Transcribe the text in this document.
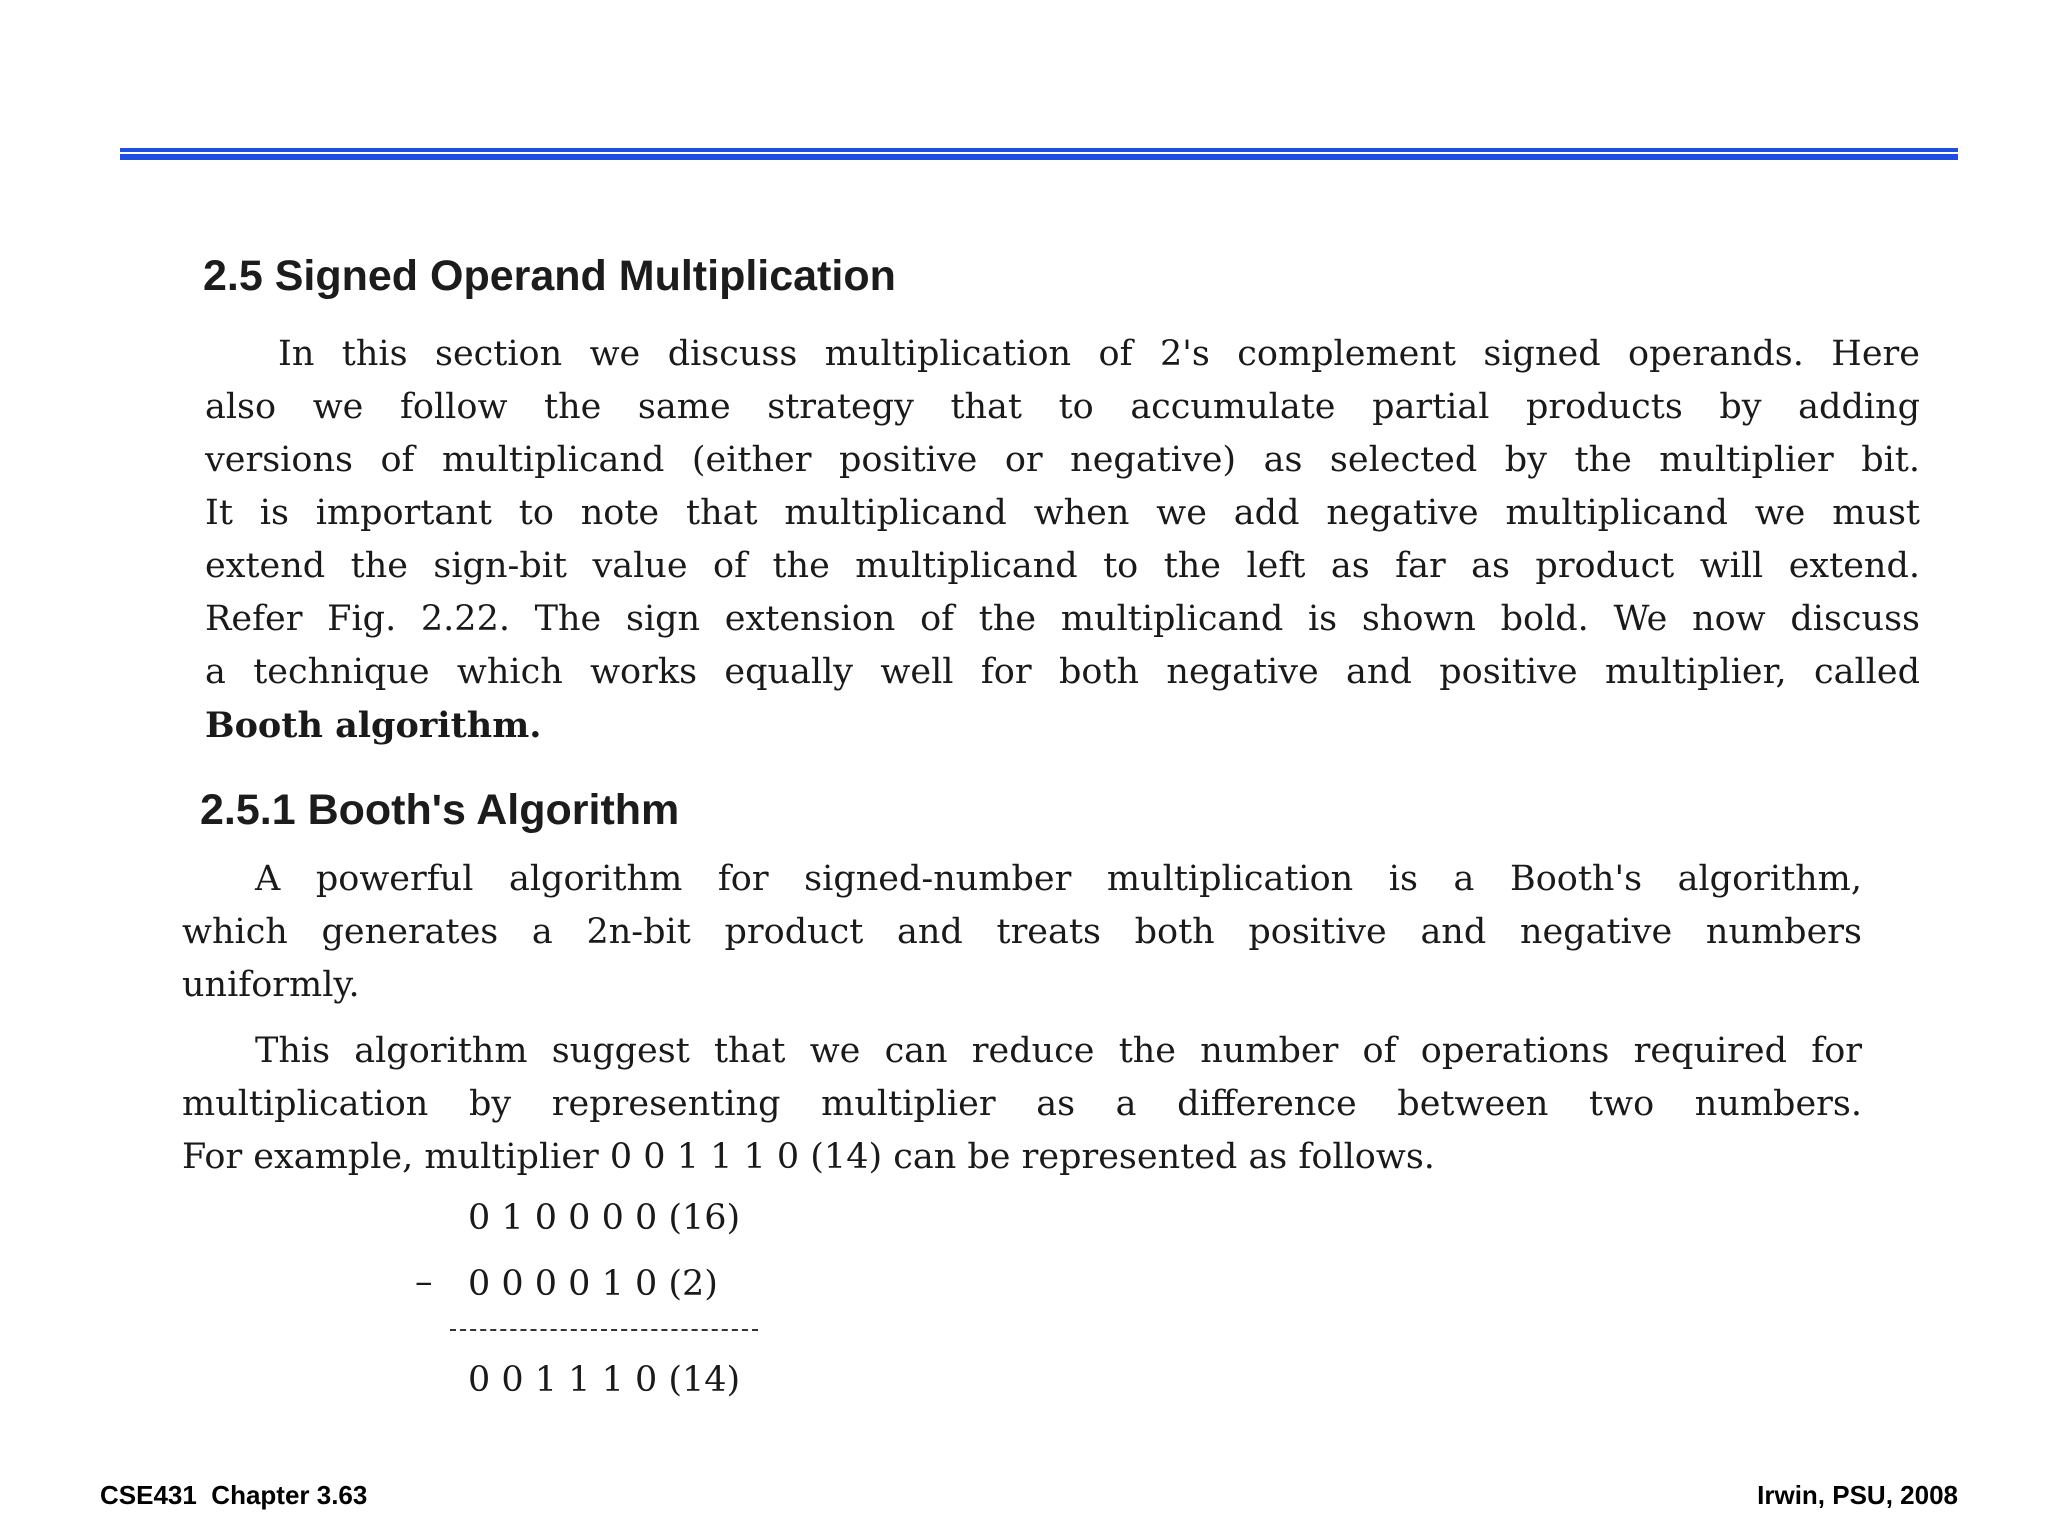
2.5 Signed Operand Multiplication
In this section we discuss multiplication of 2's complement signed operands. Here
also we follow the same strategy that to accumulate partial products by adding
versions of multiplicand (either positive or negative) as selected by the multiplier bit.
It is important to note that multiplicand when we add negative multiplicand we must
extend the sign-bit value of the multiplicand to the left as far as product will extend.
Refer Fig. 2.22. The sign extension of the multiplicand is shown bold. We now discuss
a technique which works equally well for both negative and positive multiplier, called
Booth algorithm.
2.5.1 Booth's Algorithm
A powerful algorithm for signed-number multiplication is a Booth's algorithm,
which generates a 2n-bit product and treats both positive and negative numbers
uniformly.
This algorithm suggest that we can reduce the number of operations required for
multiplication by representing multiplier as a difference between two numbers.
For example, multiplier 0 0 1 1 1 0 (14) can be represented as follows.
0 1 0 0 0 0 (16)
– 0 0 0 0 1 0 (2)
0 0 1 1 1 0 (14)
CSE431  Chapter 3.63	Irwin, PSU, 2008
